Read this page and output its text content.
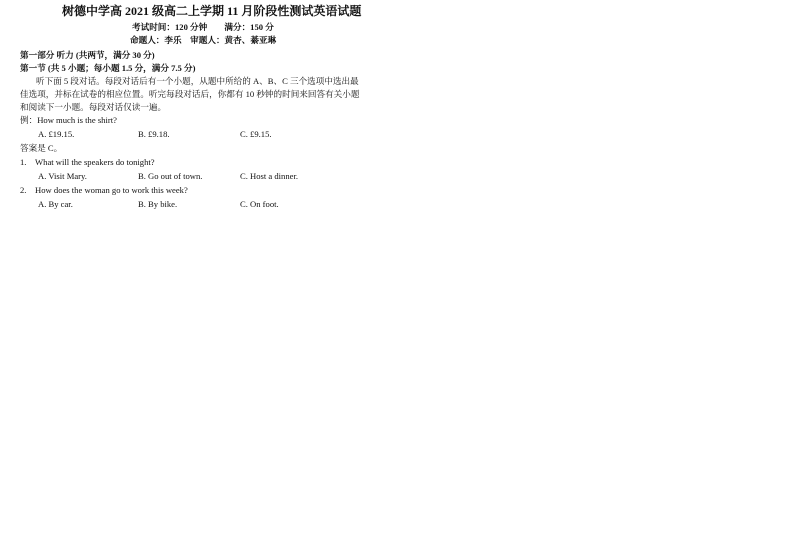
树德中学高 2021 级高二上学期 11 月阶段性测试英语试题
考试时间：120 分钟　　满分：150 分
命题人：李乐　审题人：黄杏、綦亚琳
第一部分 听力 (共两节，满分 30 分)
第一节 (共 5 小题；每小题 1.5 分，满分 7.5 分)
听下面 5 段对话。每段对话后有一个小题，从题中所给的 A、B、C 三个选项中选出最
佳选项，并标在试卷的相应位置。听完每段对话后，你都有 10 秒钟的时间来回答有关小题
和阅读下一小题。每段对话仅读一遍。
例：How much is the shirt?
A. £19.15.	B. £9.18.	C. £9.15.
答案是 C。
1.　What will the speakers do tonight?
A. Visit Mary.	B. Go out of town.	C. Host a dinner.
2.　How does the woman go to work this week?
A. By car.	B. By bike.	C. On foot.
